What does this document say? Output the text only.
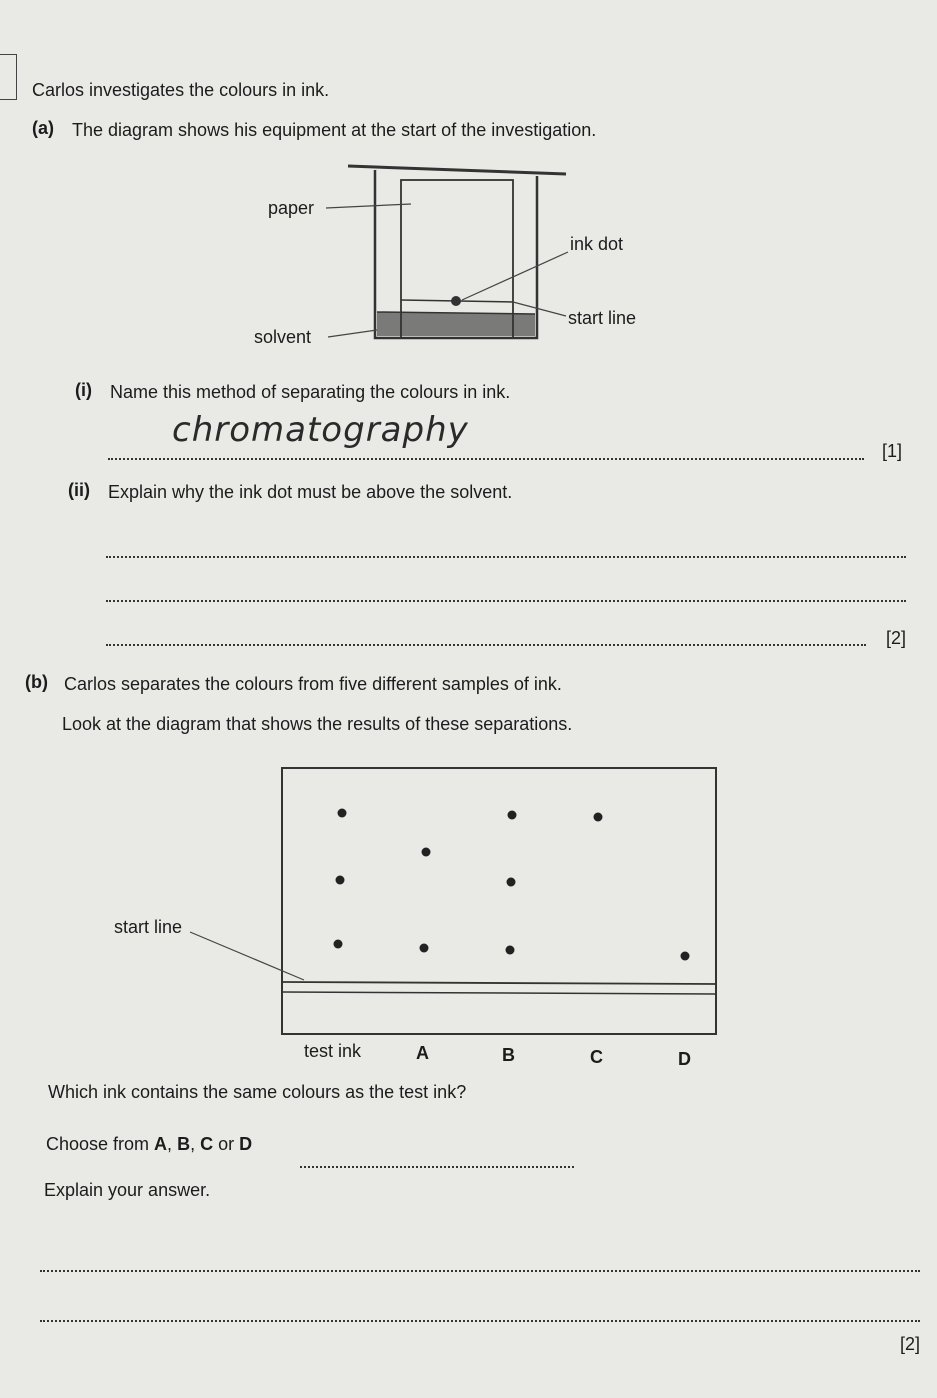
Carlos investigates the colours in ink.
(a) The diagram shows his equipment at the start of the investigation.
paper
ink dot
start line
solvent
(i) Name this method of separating the colours in ink.
chromatography
[1]
(ii) Explain why the ink dot must be above the solvent.
[2]
(b) Carlos separates the colours from five different samples of ink.
Look at the diagram that shows the results of these separations.
start line
test ink	A	B	C	D
Which ink contains the same colours as the test ink?
Choose from A, B, C or D
Explain your answer.
[2]
